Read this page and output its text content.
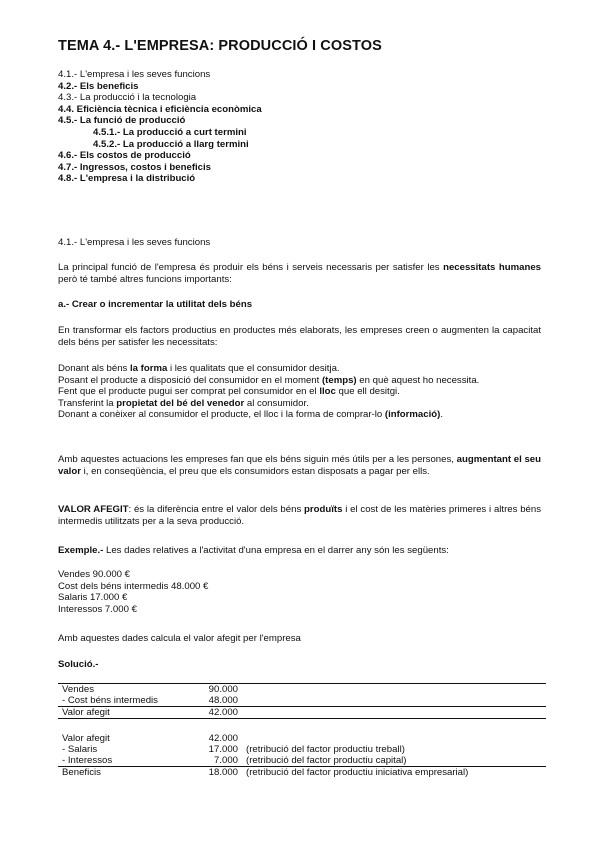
TEMA 4.- L'EMPRESA: PRODUCCIÓ I COSTOS
4.1.- L'empresa i les seves funcions
4.2.- Els beneficis
4.3.- La producció i la tecnologia
4.4. Eficiència tècnica i eficiència econòmica
4.5.- La funció de producció
4.5.1.- La producció a curt termini
4.5.2.- La producció a llarg termini
4.6.- Els costos de producció
4.7.- Ingressos, costos i beneficis
4.8.- L'empresa i la distribució
4.1.- L'empresa i les seves funcions
La principal funció de l'empresa és produir els béns i serveis necessaris per satisfer les necessitats humanes però té també altres funcions importants:
a.- Crear o incrementar la utilitat dels béns
En transformar els factors productius en productes més elaborats, les empreses creen o augmenten la capacitat dels béns per satisfer les necessitats:
Donant als béns la forma i les qualitats que el consumidor desitja.
Posant el producte a disposició del consumidor en el moment (temps) en què aquest ho necessita.
Fent que el producte pugui ser comprat pel consumidor en el lloc que ell desitgi.
Transferint la propietat del bé del venedor al consumidor.
Donant a conèixer al consumidor el producte, el lloc i la forma de comprar-lo (informació).
Amb aquestes actuacions les empreses fan que els béns siguin més útils per a les persones, augmentant el seu valor i, en conseqüència, el preu que els consumidors estan disposats a pagar per ells.
VALOR AFEGIT: és la diferència entre el valor dels béns produïts i el cost de les matèries primeres i altres béns intermedis utilitzats per a la seva producció.
Exemple.- Les dades relatives a l'activitat d'una empresa en el darrer any són les següents:
Vendes 90.000 €
Cost dels béns intermedis 48.000 €
Salaris 17.000 €
Interessos 7.000 €
Amb aquestes dades calcula el valor afegit per l'empresa
Solució.-
Vendes	90.000	
- Cost béns intermedis	48.000	
Valor afegit	42.000	

Valor afegit	42.000	
- Salaris	17.000	(retribució del factor productiu treball)
- Interessos	7.000	(retribució del factor productiu capital)
Beneficis	18.000	(retribució del factor productiu iniciativa empresarial)
